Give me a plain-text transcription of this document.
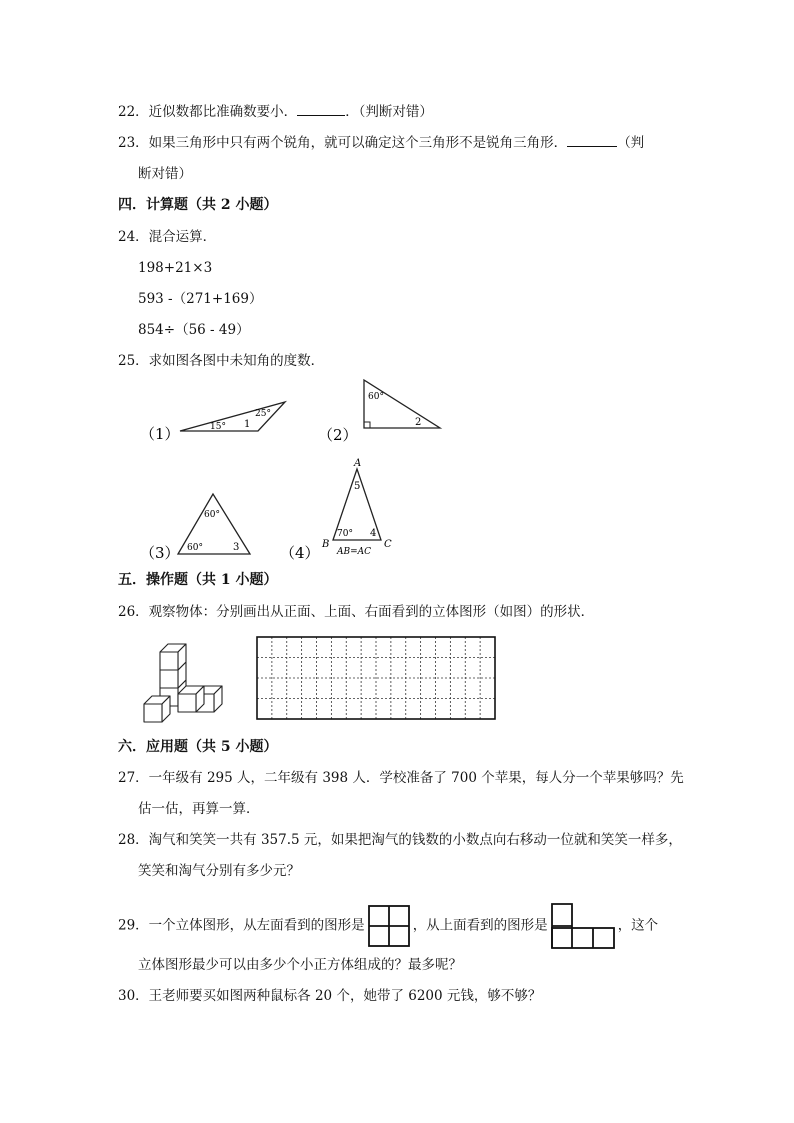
22．近似数都比准确数要小．	．（判断对错）
23．如果三角形中只有两个锐角，就可以确定这个三角形不是锐角三角形．	（判
断对错）
四．计算题（共 2 小题）
24．混合运算．
198+21×3
593 -（271+169）
854÷（56 - 49）
25．求如图各图中未知角的度数．
（1）	15° 1
25°
（2）
60°
2
（3）
60°
60°	3	（4）
A
B	C
5
70° 4
AB=AC
五．操作题（共 1 小题）
26．观察物体：分别画出从正面、上面、右面看到的立体图形（如图）的形状．
六．应用题（共 5 小题）
27．一年级有 295 人，二年级有 398 人．学校准备了 700 个苹果，每人分一个苹果够吗？先
估一估，再算一算．
28．淘气和笑笑一共有 357.5 元，如果把淘气的钱数的小数点向右移动一位就和笑笑一样多，
笑笑和淘气分别有多少元？
29．一个立体图形，从左面看到的图形是	，从上面看到的图形是	，这个
立体图形最少可以由多少个小正方体组成的？最多呢？
30．王老师要买如图两种鼠标各 20 个，她带了 6200 元钱，够不够？
